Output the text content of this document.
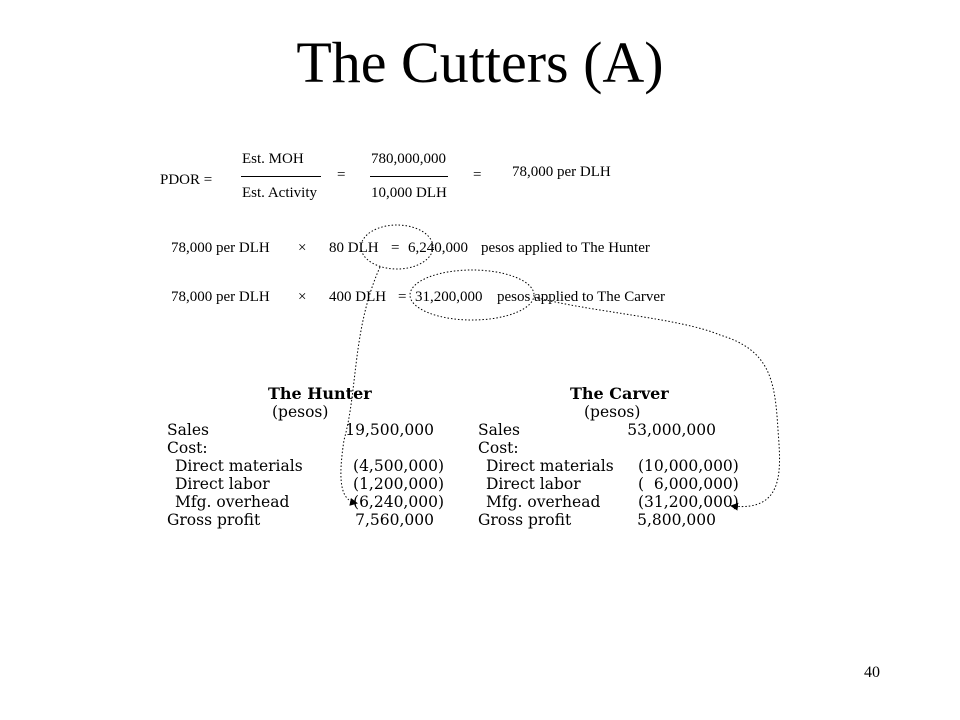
The Cutters (A)
PDOR =
Est. MOH
Est. Activity
=
780,000,000
10,000 DLH
= 78,000 per DLH
78,000 per DLH × 80 DLH = 6,240,000 pesos applied to The Hunter
78,000 per DLH × 400 DLH = 31,200,000 pesos applied to The Carver
The Hunter
(pesos)
Sales	19,500,000
Cost:
Direct materials	(4,500,000)
Direct labor	(1,200,000)
Mfg. overhead	(6,240,000)
Gross profit	7,560,000
The Carver
(pesos)
Sales	53,000,000
Cost:
Direct materials (10,000,000)
Direct labor	(  6,000,000)
Mfg. overhead (31,200,000)
Gross profit	5,800,000
40
